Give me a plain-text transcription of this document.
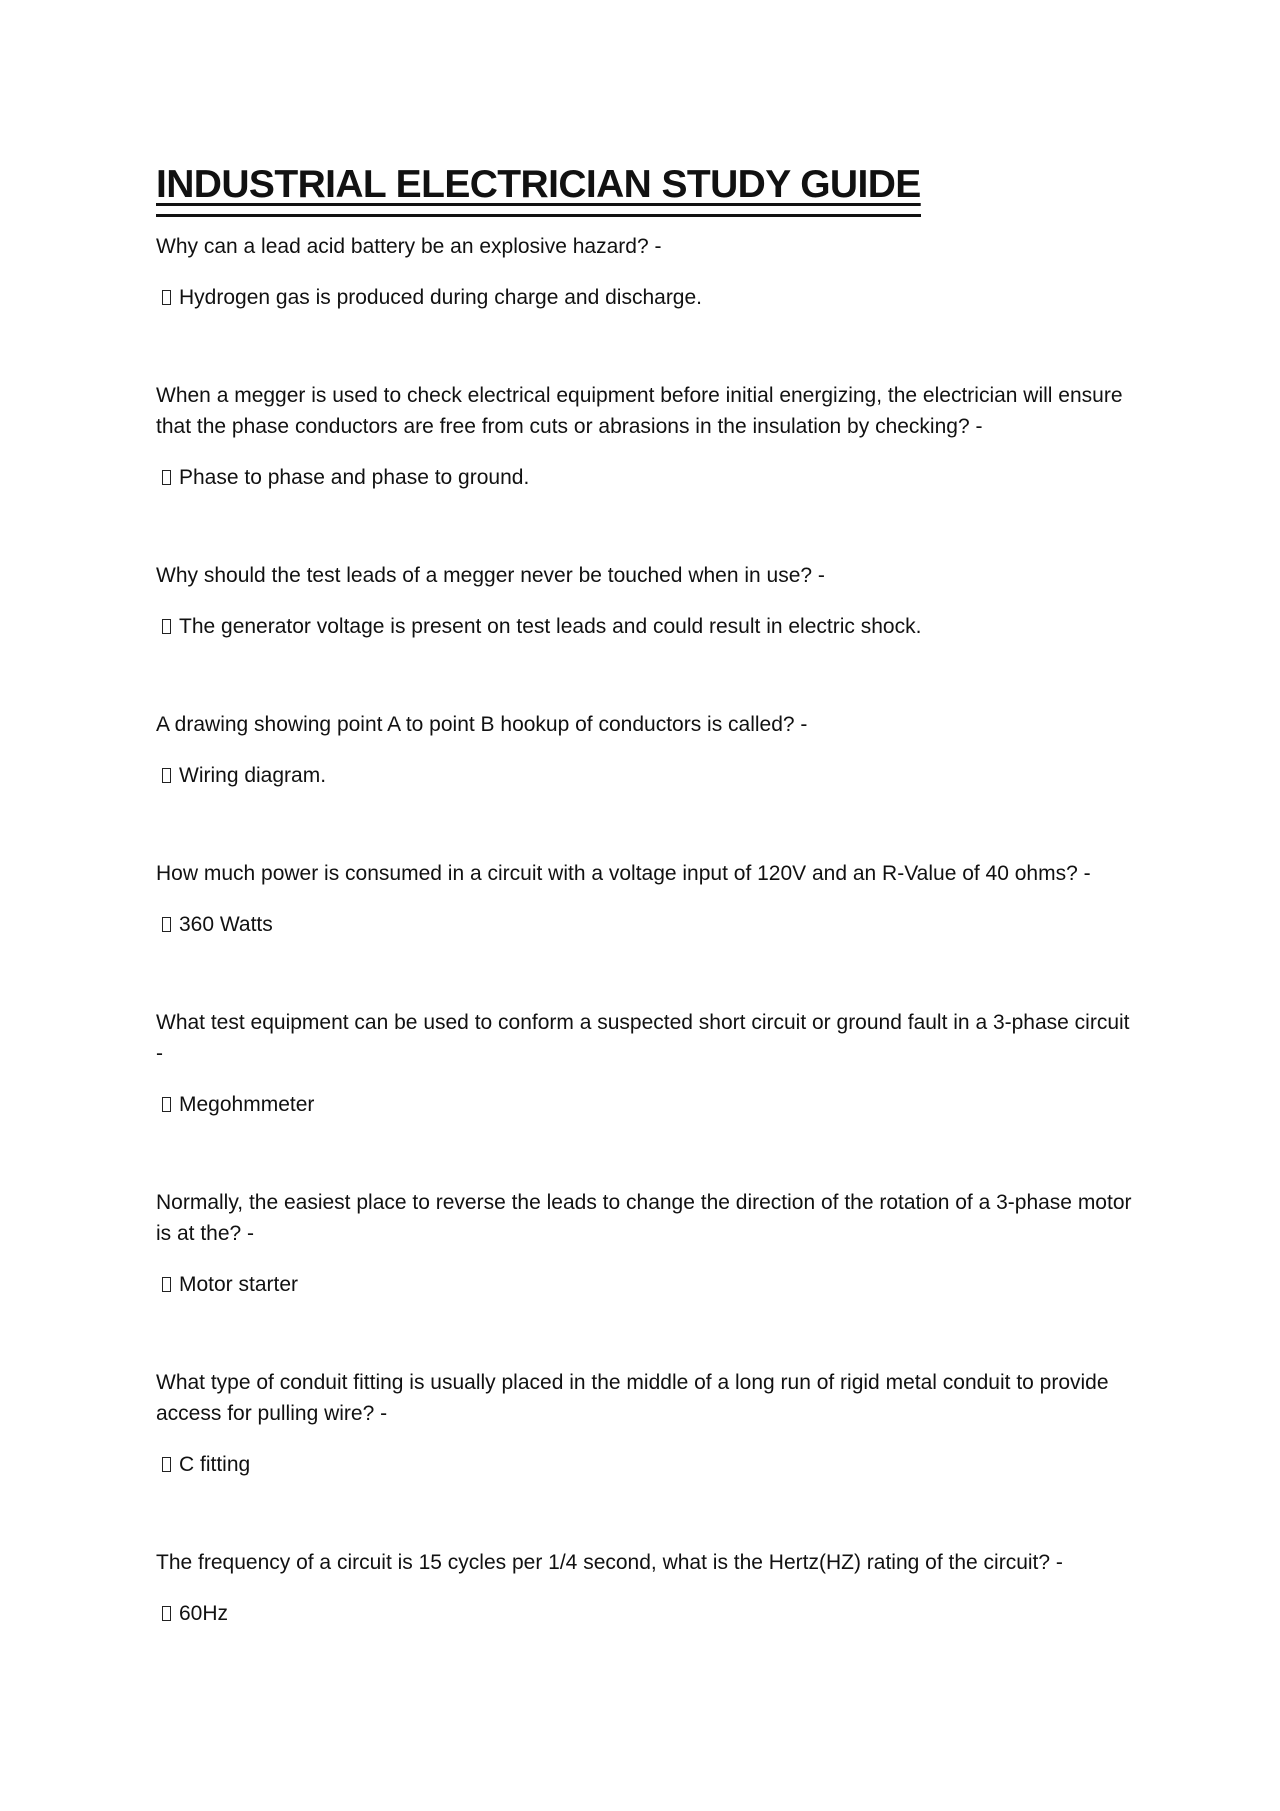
INDUSTRIAL ELECTRICIAN STUDY GUIDE

Why can a lead acid battery be an explosive hazard? -

Hydrogen gas is produced during charge and discharge.

When a megger is used to check electrical equipment before initial energizing, the electrician will ensure that the phase conductors are free from cuts or abrasions in the insulation by checking? -

Phase to phase and phase to ground.

Why should the test leads of a megger never be touched when in use? -

The generator voltage is present on test leads and could result in electric shock.

A drawing showing point A to point B hookup of conductors is called? -

Wiring diagram.

How much power is consumed in a circuit with a voltage input of 120V and an R-Value of 40 ohms? -

360 Watts

What test equipment can be used to conform a suspected short circuit or ground fault in a 3-phase circuit -

Megohmmeter

Normally, the easiest place to reverse the leads to change the direction of the rotation of a 3-phase motor is at the? -

Motor starter

What type of conduit fitting is usually placed in the middle of a long run of rigid metal conduit to provide access for pulling wire? -

C fitting

The frequency of a circuit is 15 cycles per 1/4 second, what is the Hertz(HZ) rating of the circuit? -

60Hz
